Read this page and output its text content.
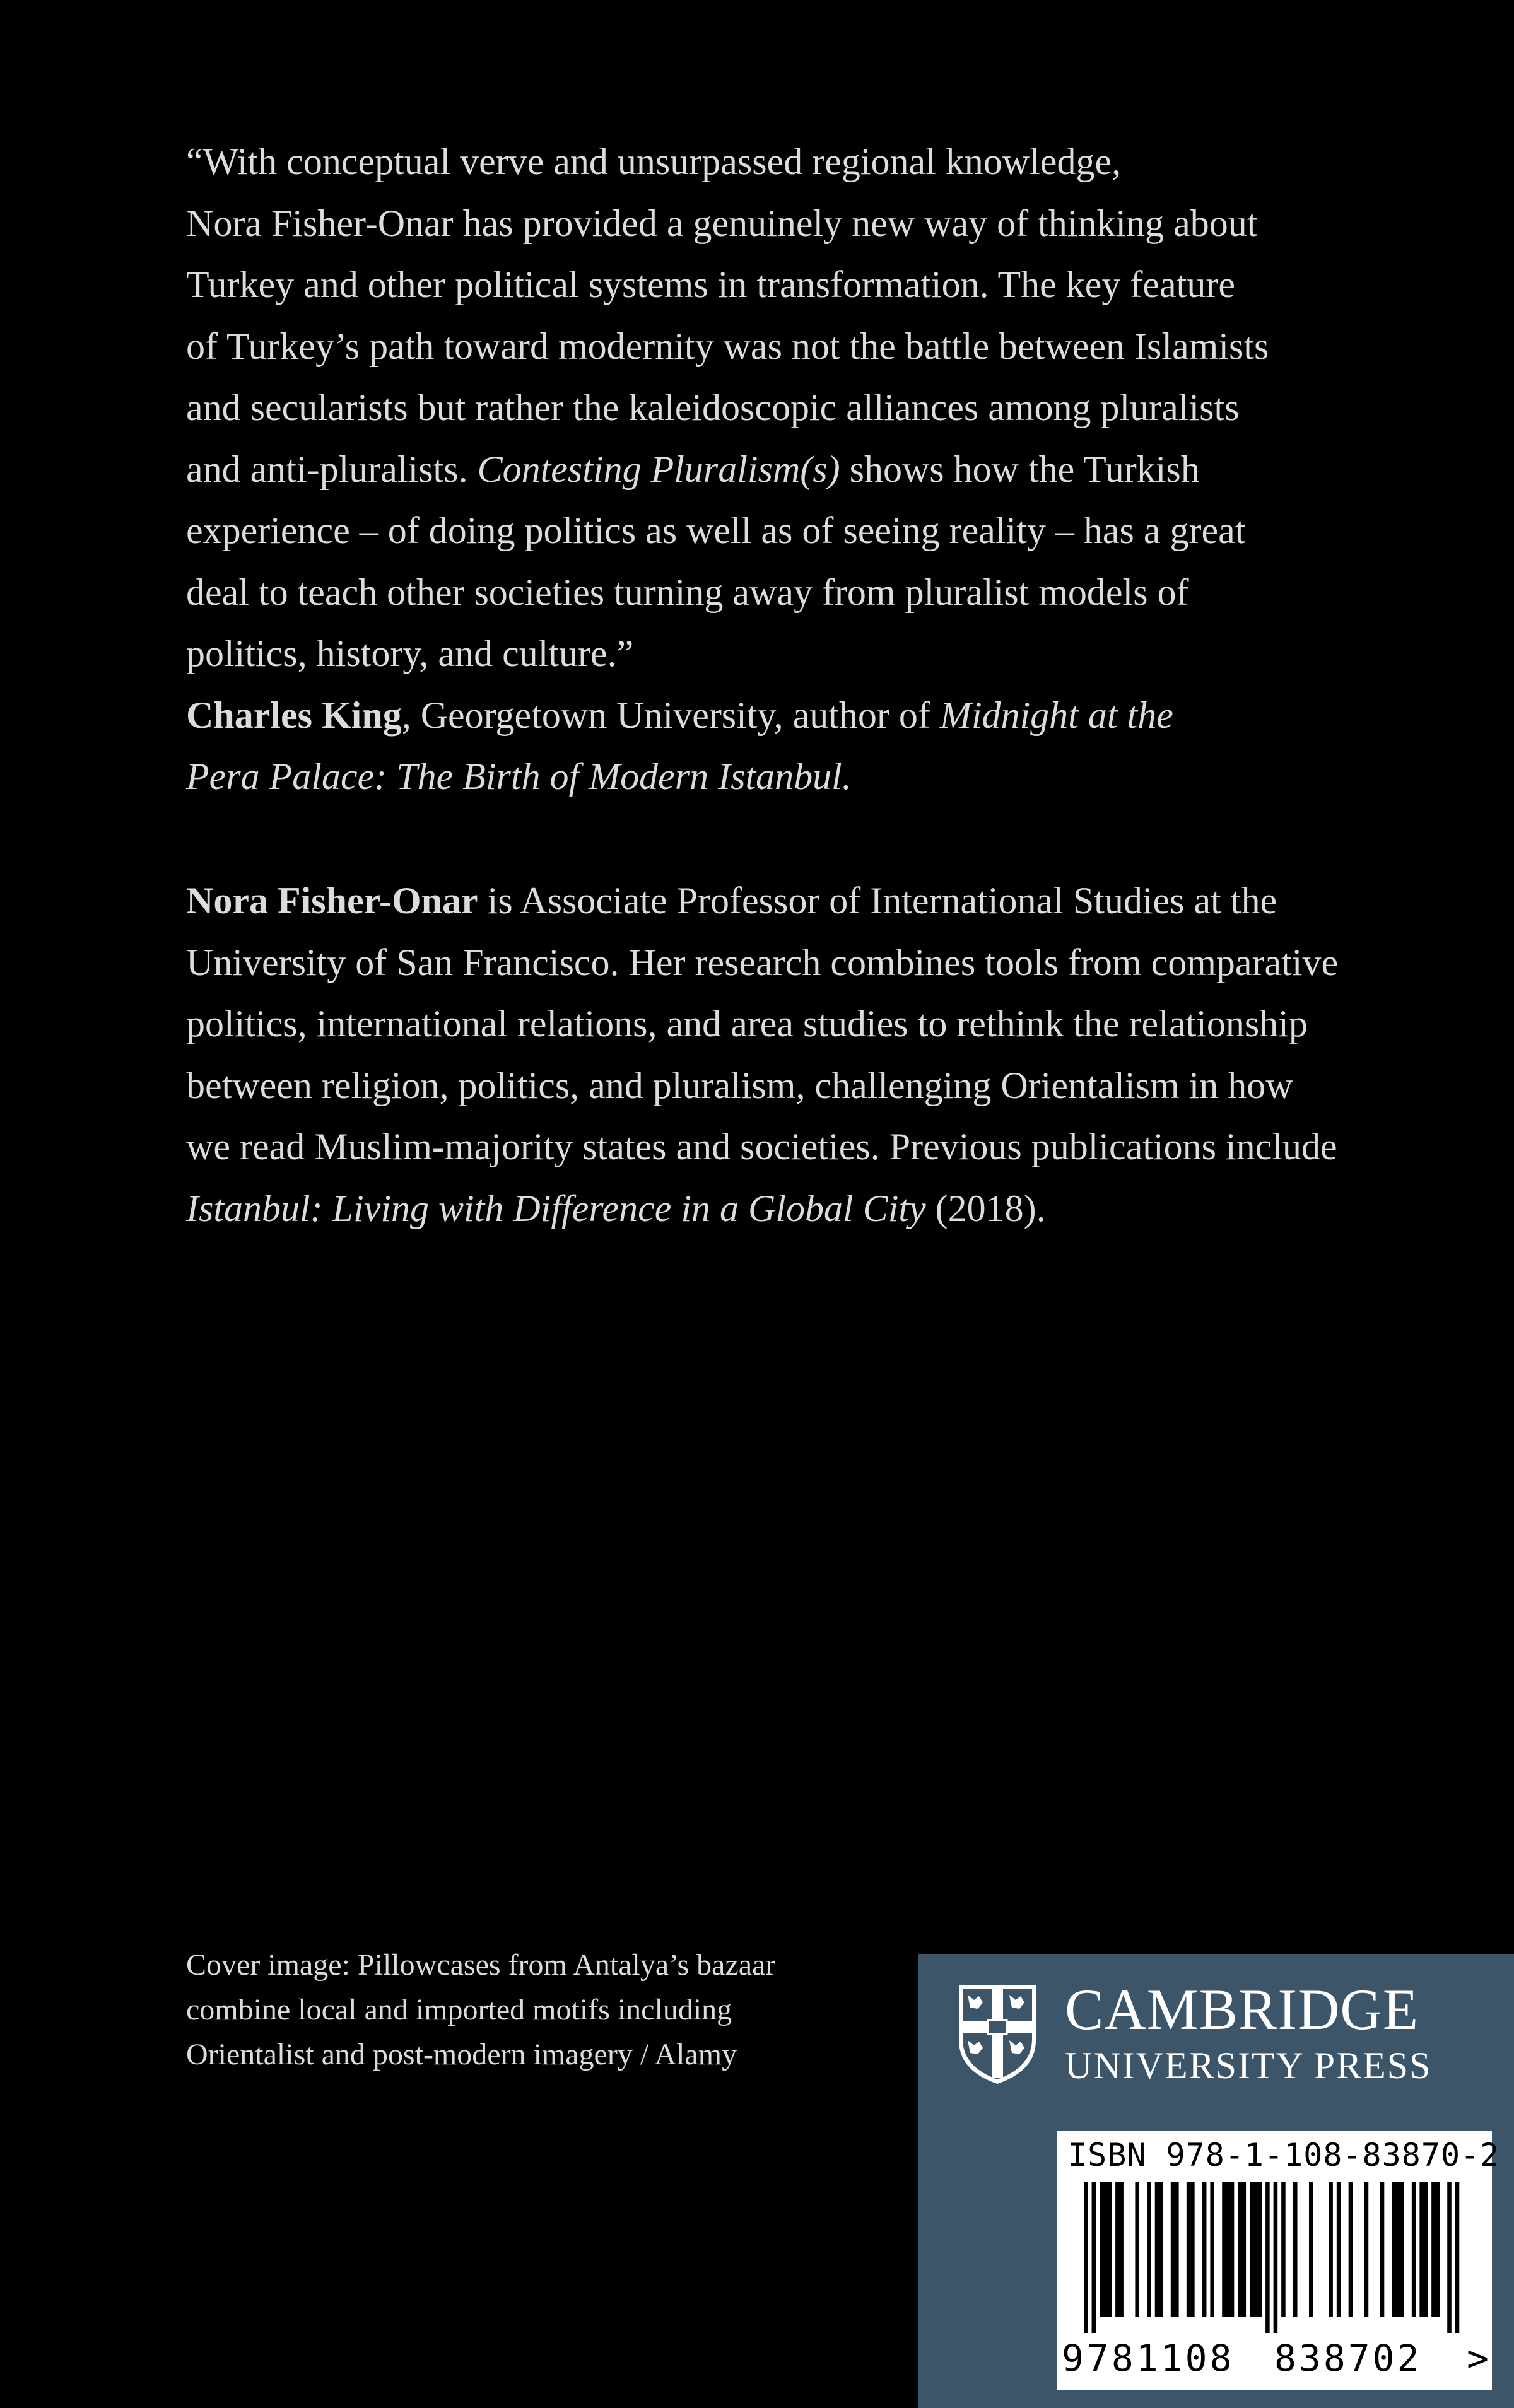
“With conceptual verve and unsurpassed regional knowledge,
Nora Fisher-Onar has provided a genuinely new way of thinking about
Turkey and other political systems in transformation. The key feature
of Turkey’s path toward modernity was not the battle between Islamists
and secularists but rather the kaleidoscopic alliances among pluralists
and anti-pluralists. Contesting Pluralism(s) shows how the Turkish
experience – of doing politics as well as of seeing reality – has a great
deal to teach other societies turning away from pluralist models of
politics, history, and culture.”
Charles King, Georgetown University, author of Midnight at the
Pera Palace: The Birth of Modern Istanbul.
Nora Fisher-Onar is Associate Professor of International Studies at the
University of San Francisco. Her research combines tools from comparative
politics, international relations, and area studies to rethink the relationship
between religion, politics, and pluralism, challenging Orientalism in how
we read Muslim-majority states and societies. Previous publications include
Istanbul: Living with Difference in a Global City (2018).
Cover image: Pillowcases from Antalya’s bazaar
combine local and imported motifs including
Orientalist and post-modern imagery / Alamy
CAMBRIDGE
UNIVERSITY PRESS
ISBN 978-1-108-83870-2
9 781108 838702 >
